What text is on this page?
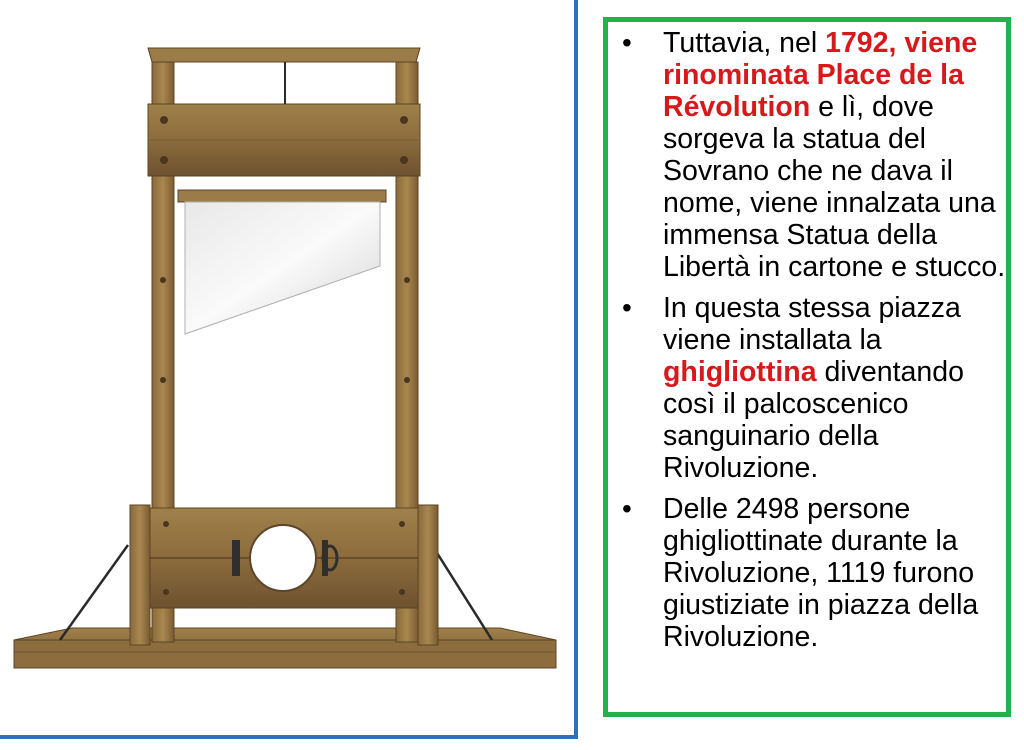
• Tuttavia, nel 1792, viene rinominata Place de la Révolution e lì, dove sorgeva la statua del Sovrano che ne dava il nome, viene innalzata una immensa Statua della Libertà in cartone e stucco.
• In questa stessa piazza viene installata la ghigliottina diventando così il palcoscenico sanguinario della Rivoluzione.
• Delle 2498 persone ghigliottinate durante la Rivoluzione, 1119 furono giustiziate in piazza della Rivoluzione.
